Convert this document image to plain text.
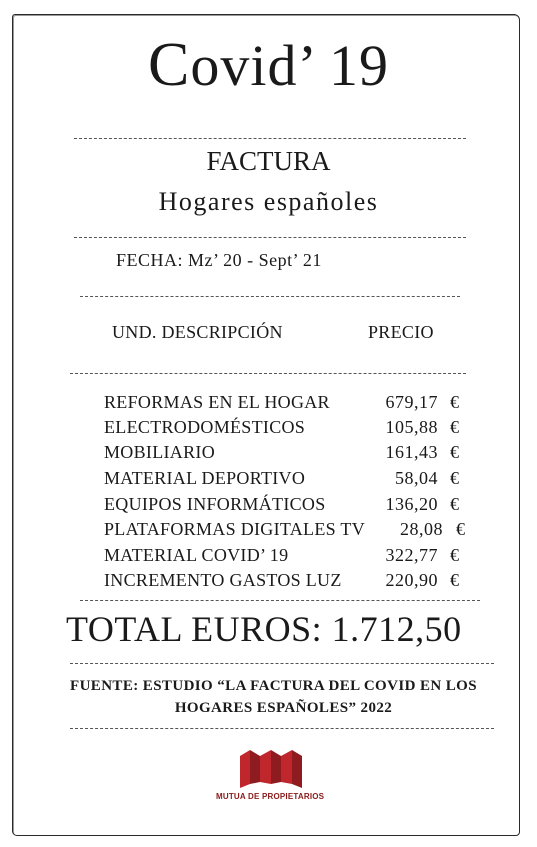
Covid’ 19
FACTURA
Hogares españoles
FECHA: Mz’ 20 - Sept’ 21
UND. DESCRIPCIÓN	PRECIO
REFORMAS EN EL HOGAR	679,17 €
ELECTRODOMÉSTICOS	105,88 €
MOBILIARIO	161,43 €
MATERIAL DEPORTIVO	58,04 €
EQUIPOS INFORMÁTICOS	136,20 €
PLATAFORMAS DIGITALES TV	28,08 €
MATERIAL COVID’ 19	322,77 €
INCREMENTO GASTOS LUZ	220,90 €
TOTAL EUROS: 1.712,50
FUENTE: ESTUDIO “LA FACTURA DEL COVID EN LOS
HOGARES ESPAÑOLES” 2022
MUTUA DE PROPIETARIOS
